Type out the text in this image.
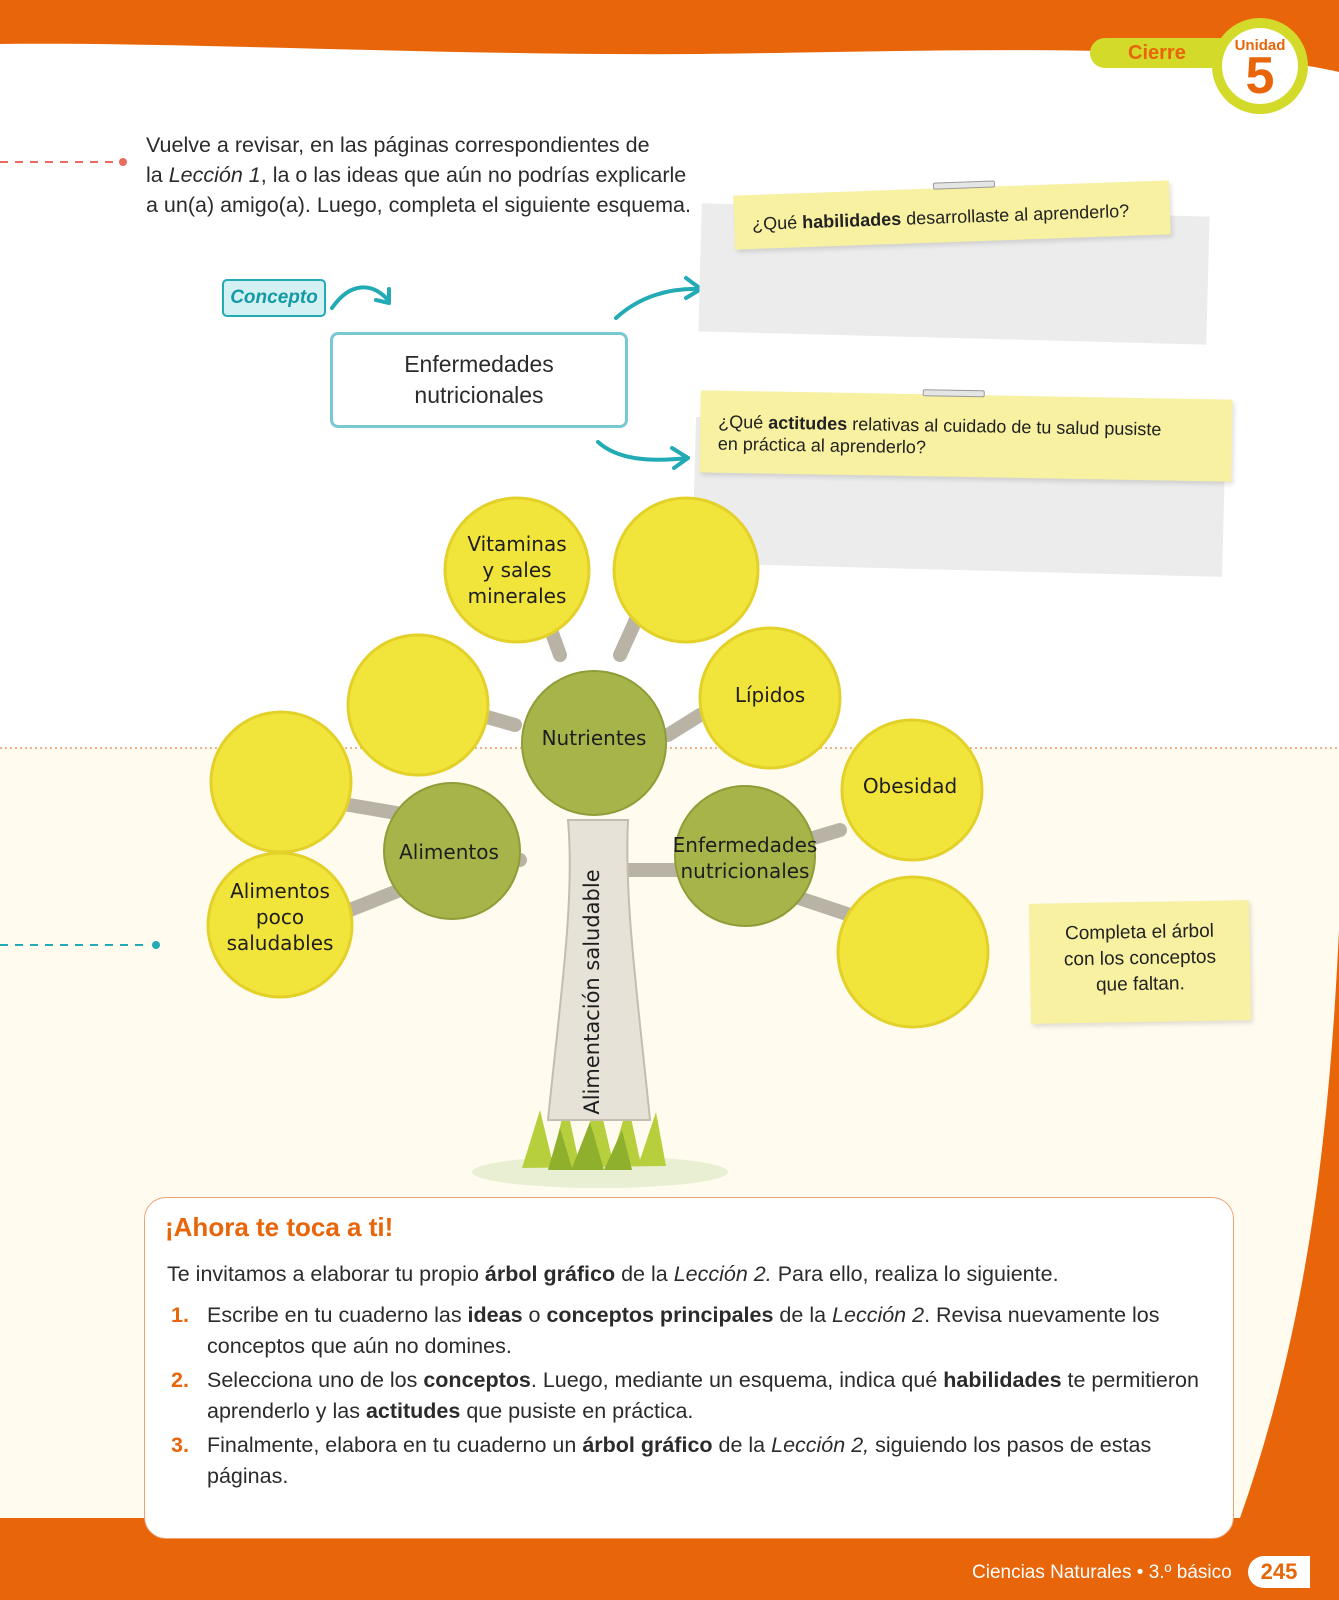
Cierre	Unidad
5
Vuelve a revisar, en las páginas correspondientes de
la Lección 1, la o las ideas que aún no podrías explicarle
a un(a) amigo(a). Luego, completa el siguiente esquema.
¿Qué habilidades desarrollaste al aprenderlo?
Concepto
Enfermedades
nutricionales
¿Qué actitudes relativas al cuidado de tu salud pusiste
en práctica al aprenderlo?
Vitaminas
y sales
minerales
Lípidos
Nutrientes
Obesidad
Alimentos	Enfermedades
nutricionales
Alimentos
poco
saludables	Alimentación saludable	Completa el árbol
con los conceptos
que faltan.
¡Ahora te toca a ti!
Te invitamos a elaborar tu propio árbol gráfico de la Lección 2. Para ello, realiza lo siguiente.
1. Escribe en tu cuaderno las ideas o conceptos principales de la Lección 2. Revisa nuevamente los conceptos que aún no domines.
2. Selecciona uno de los conceptos. Luego, mediante un esquema, indica qué habilidades te permitieron aprenderlo y las actitudes que pusiste en práctica.
3. Finalmente, elabora en tu cuaderno un árbol gráfico de la Lección 2, siguiendo los pasos de estas páginas.
Ciencias Naturales • 3.º básico	245
